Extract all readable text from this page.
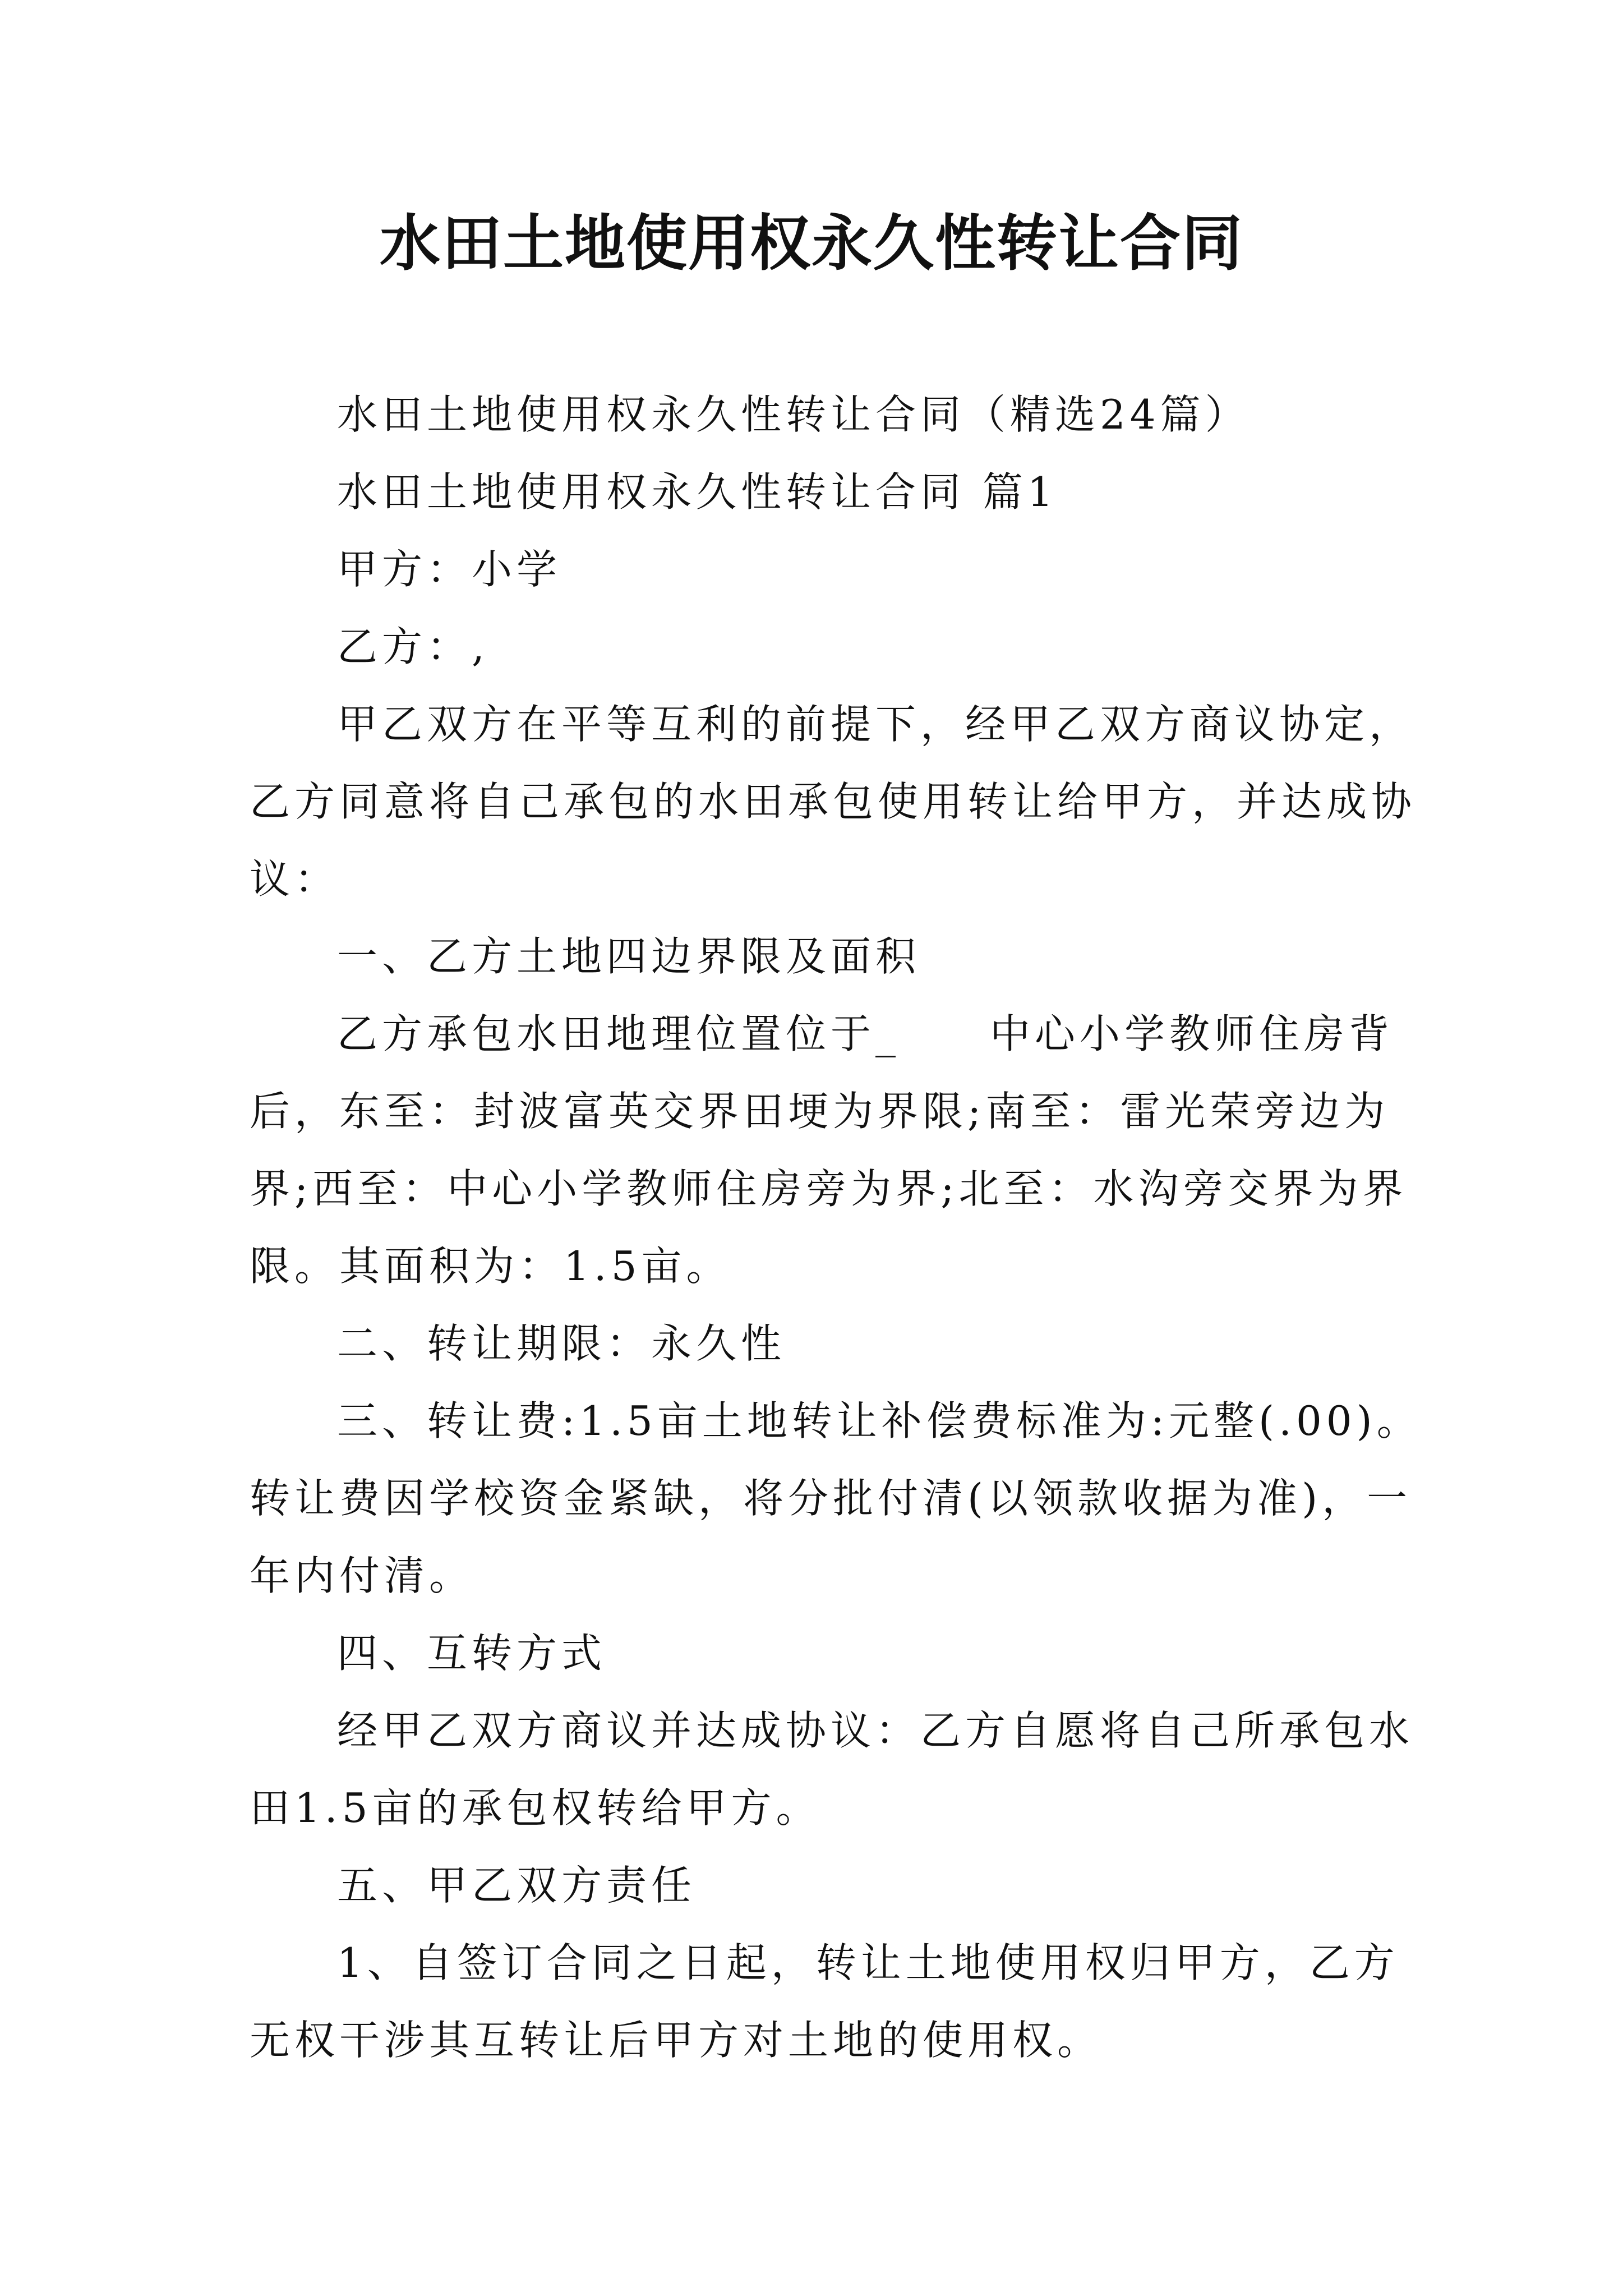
水田土地使用权永久性转让合同

水田土地使用权永久性转让合同（精选24篇）

水田土地使用权永久性转让合同 篇1

甲方：小学

乙方：,

甲乙双方在平等互利的前提下，经甲乙双方商议协定，乙方同意将自己承包的水田承包使用转让给甲方，并达成协议：

一、乙方土地四边界限及面积

乙方承包水田地理位置位于_　　中心小学教师住房背后，东至：封波富英交界田埂为界限;南至：雷光荣旁边为界;西至：中心小学教师住房旁为界;北至：水沟旁交界为界限。其面积为：1.5亩。

二、转让期限：永久性

三、转让费:1.5亩土地转让补偿费标准为:元整(.00)。转让费因学校资金紧缺，将分批付清(以领款收据为准)，一年内付清。

四、互转方式

经甲乙双方商议并达成协议：乙方自愿将自己所承包水田1.5亩的承包权转给甲方。

五、甲乙双方责任

1、自签订合同之日起，转让土地使用权归甲方，乙方无权干涉其互转让后甲方对土地的使用权。
